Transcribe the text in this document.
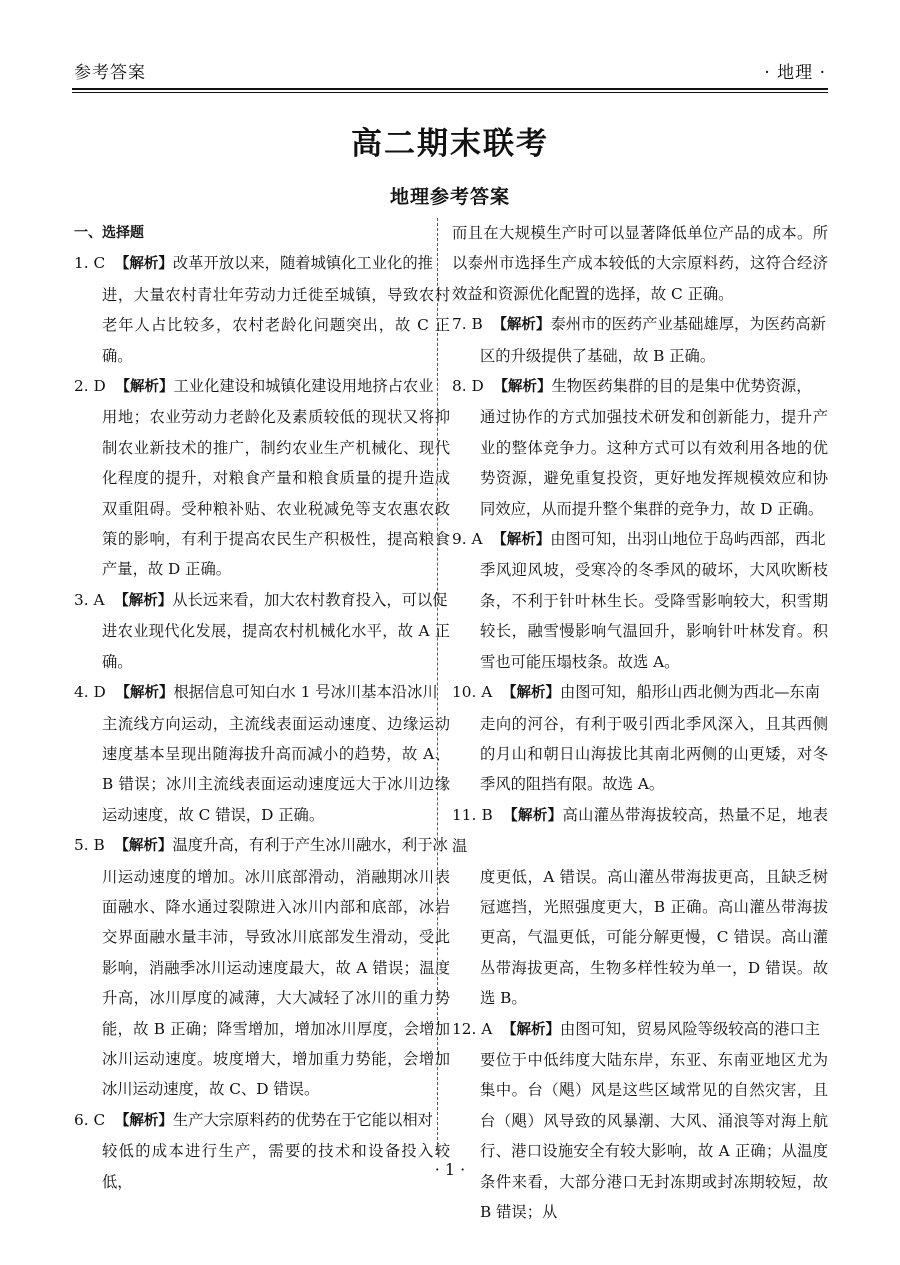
参考答案	· 地理 ·
高二期末联考
地理参考答案
一、选择题
1. C  【解析】改革开放以来，随着城镇化工业化的推
进，大量农村青壮年劳动力迁徙至城镇，导致农村老年人占比较多，农村老龄化问题突出，故 C 正确。
2. D  【解析】工业化建设和城镇化建设用地挤占农业
用地；农业劳动力老龄化及素质较低的现状又将抑制农业新技术的推广，制约农业生产机械化、现代化程度的提升，对粮食产量和粮食质量的提升造成双重阻碍。受种粮补贴、农业税减免等支农惠农政策的影响，有利于提高农民生产积极性，提高粮食产量，故 D 正确。
3. A  【解析】从长远来看，加大农村教育投入，可以促
进农业现代化发展，提高农村机械化水平，故 A 正确。
4. D  【解析】根据信息可知白水 1 号冰川基本沿冰川
主流线方向运动，主流线表面运动速度、边缘运动速度基本呈现出随海拔升高而减小的趋势，故 A、B 错误；冰川主流线表面运动速度远大于冰川边缘运动速度，故 C 错误，D 正确。
5. B  【解析】温度升高，有利于产生冰川融水，利于冰
川运动速度的增加。冰川底部滑动，消融期冰川表面融水、降水通过裂隙进入冰川内部和底部，冰岩交界面融水量丰沛，导致冰川底部发生滑动，受此影响，消融季冰川运动速度最大，故 A 错误；温度升高，冰川厚度的减薄，大大减轻了冰川的重力势能，故 B 正确；降雪增加，增加冰川厚度，会增加冰川运动速度。坡度增大，增加重力势能，会增加冰川运动速度，故 C、D 错误。
6. C  【解析】生产大宗原料药的优势在于它能以相对
较低的成本进行生产，需要的技术和设备投入较低，
而且在大规模生产时可以显著降低单位产品的成本。所以泰州市选择生产成本较低的大宗原料药，这符合经济效益和资源优化配置的选择，故 C 正确。
7. B  【解析】泰州市的医药产业基础雄厚，为医药高新
区的升级提供了基础，故 B 正确。
8. D  【解析】生物医药集群的目的是集中优势资源，
通过协作的方式加强技术研发和创新能力，提升产业的整体竞争力。这种方式可以有效利用各地的优势资源，避免重复投资，更好地发挥规模效应和协同效应，从而提升整个集群的竞争力，故 D 正确。
9. A  【解析】由图可知，出羽山地位于岛屿西部，西北
季风迎风坡，受寒冷的冬季风的破坏，大风吹断枝条，不利于针叶林生长。受降雪影响较大，积雪期较长，融雪慢影响气温回升，影响针叶林发育。积雪也可能压塌枝条。故选 A。
10. A  【解析】由图可知，船形山西北侧为西北—东南
走向的河谷，有利于吸引西北季风深入，且其西侧的月山和朝日山海拔比其南北两侧的山更矮，对冬季风的阻挡有限。故选 A。
11. B  【解析】高山灌丛带海拔较高，热量不足，地表温
度更低，A 错误。高山灌丛带海拔更高，且缺乏树冠遮挡，光照强度更大，B 正确。高山灌丛带海拔更高，气温更低，可能分解更慢，C 错误。高山灌丛带海拔更高，生物多样性较为单一，D 错误。故选 B。
12. A  【解析】由图可知，贸易风险等级较高的港口主
要位于中低纬度大陆东岸，东亚、东南亚地区尤为集中。台（飓）风是这些区域常见的自然灾害，且台（飓）风导致的风暴潮、大风、涌浪等对海上航行、港口设施安全有较大影响，故 A 正确；从温度条件来看，大部分港口无封冻期或封冻期较短，故 B 错误；从
· 1 ·
